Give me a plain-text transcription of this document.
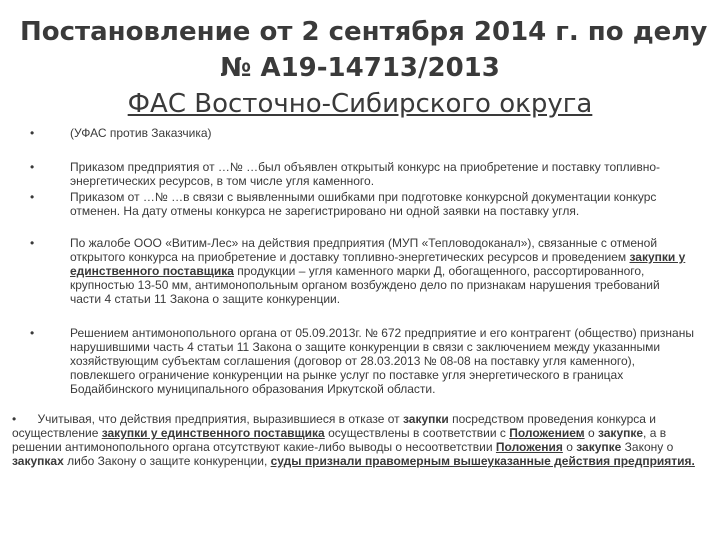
Постановление от 2 сентября 2014 г. по делу
№ А19-14713/2013
ФАС Восточно-Сибирского округа
•	(УФАС против Заказчика)
•	Приказом предприятия от …№ …был объявлен открытый конкурс на приобретение и поставку топливно-энергетических ресурсов, в том числе угля каменного.
•	Приказом от …№ …в связи с выявленными ошибками при подготовке конкурсной документации конкурс отменен. На дату отмены конкурса не зарегистрировано ни одной заявки на поставку угля.
•	По жалобе ООО «Витим-Лес» на действия предприятия (МУП «Тепловодоканал»), связанные с отменой открытого конкурса на приобретение и доставку топливно-энергетических ресурсов и проведением закупки у единственного поставщика продукции – угля каменного марки Д, обогащенного, рассортированного, крупностью 13-50 мм, антимонопольным органом возбуждено дело по признакам нарушения требований части 4 статьи 11 Закона о защите конкуренции.
•	Решением антимонопольного органа от 05.09.2013г. № 672 предприятие и его контрагент (общество) признаны нарушившими часть 4 статьи 11 Закона о защите конкуренции в связи с заключением между указанными хозяйствующим субъектам соглашения (договор от 28.03.2013 № 08-08 на поставку угля каменного), повлекшего ограничение конкуренции на рынке услуг по поставке угля энергетического в границах Бодайбинского муниципального образования Иркутской области.
• Учитывая, что действия предприятия, выразившиеся в отказе от закупки посредством проведения конкурса и осуществление закупки у единственного поставщика осуществлены в соответствии с Положением о закупке, а в решении антимонопольного органа отсутствуют какие-либо выводы о несоответствии Положения о закупке Закону о закупках либо Закону о защите конкуренции, суды признали правомерным вышеуказанные действия предприятия.
